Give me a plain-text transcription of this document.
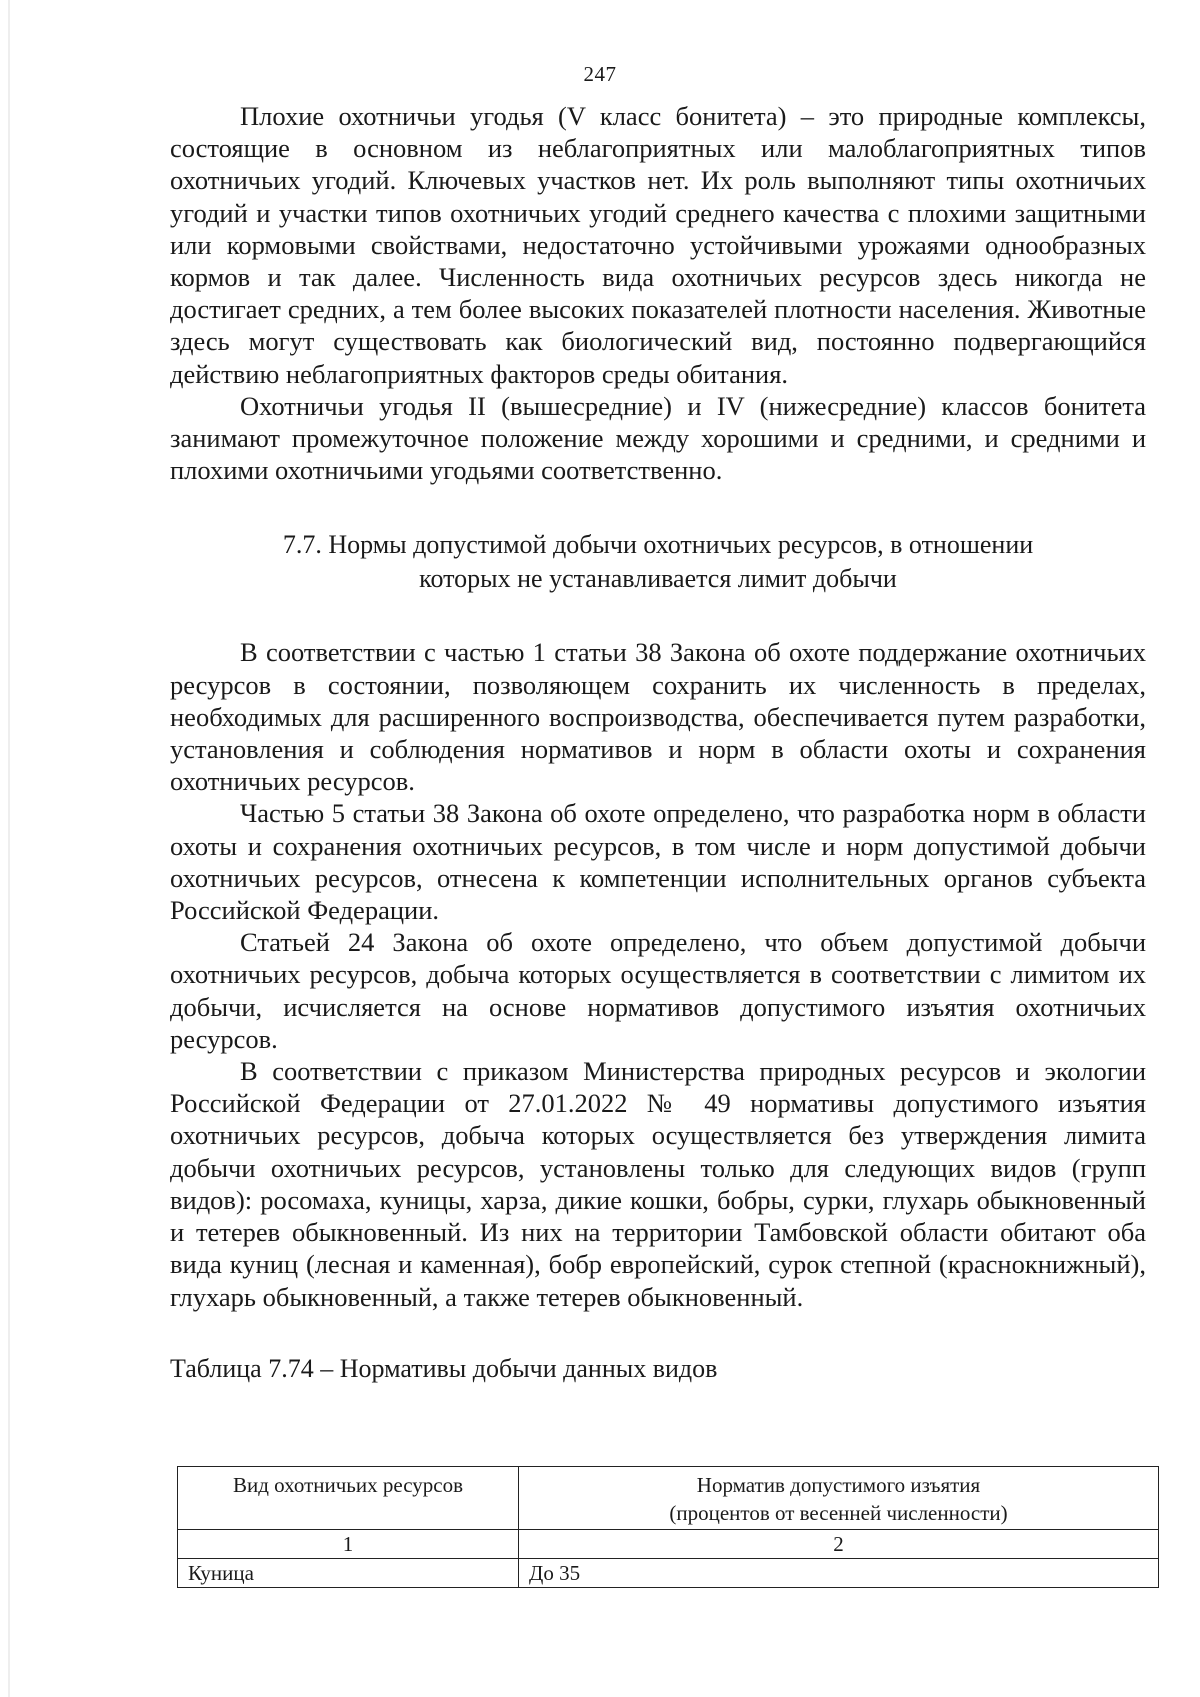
247

Плохие охотничьи угодья (V класс бонитета) – это природные комплексы, состоящие в основном из неблагоприятных или малоблагоприятных типов охотничьих угодий. Ключевых участков нет. Их роль выполняют типы охотничьих угодий и участки типов охотничьих угодий среднего качества с плохими защитными или кормовыми свойствами, недостаточно устойчивыми урожаями однообразных кормов и так далее. Численность вида охотничьих ресурсов здесь никогда не достигает средних, а тем более высоких показателей плотности населения. Животные здесь могут существовать как биологический вид, постоянно подвергающийся действию неблагоприятных факторов среды обитания.

Охотничьи угодья II (вышесредние) и IV (нижесредние) классов бонитета занимают промежуточное положение между хорошими и средними, и средними и плохими охотничьими угодьями соответственно.

7.7. Нормы допустимой добычи охотничьих ресурсов, в отношении
которых не устанавливается лимит добычи

В соответствии с частью 1 статьи 38 Закона об охоте поддержание охотничьих ресурсов в состоянии, позволяющем сохранить их численность в пределах, необходимых для расширенного воспроизводства, обеспечивается путем разработки, установления и соблюдения нормативов и норм в области охоты и сохранения охотничьих ресурсов.

Частью 5 статьи 38 Закона об охоте определено, что разработка норм в области охоты и сохранения охотничьих ресурсов, в том числе и норм допустимой добычи охотничьих ресурсов, отнесена к компетенции исполнительных органов субъекта Российской Федерации.

Статьей 24 Закона об охоте определено, что объем допустимой добычи охотничьих ресурсов, добыча которых осуществляется в соответствии с лимитом их добычи, исчисляется на основе нормативов допустимого изъятия охотничьих ресурсов.

В соответствии с приказом Министерства природных ресурсов и экологии Российской Федерации от 27.01.2022 № 49 нормативы допустимого изъятия охотничьих ресурсов, добыча которых осуществляется без утверждения лимита добычи охотничьих ресурсов, установлены только для следующих видов (групп видов): росомаха, куницы, харза, дикие кошки, бобры, сурки, глухарь обыкновенный и тетерев обыкновенный. Из них на территории Тамбовской области обитают оба вида куниц (лесная и каменная), бобр европейский, сурок степной (краснокнижный), глухарь обыкновенный, а также тетерев обыкновенный.

Таблица 7.74 – Нормативы добычи данных видов
Вид охотничьих ресурсов	Норматив допустимого изъятия
(процентов от весенней численности)

1	2
Куница	До 35
